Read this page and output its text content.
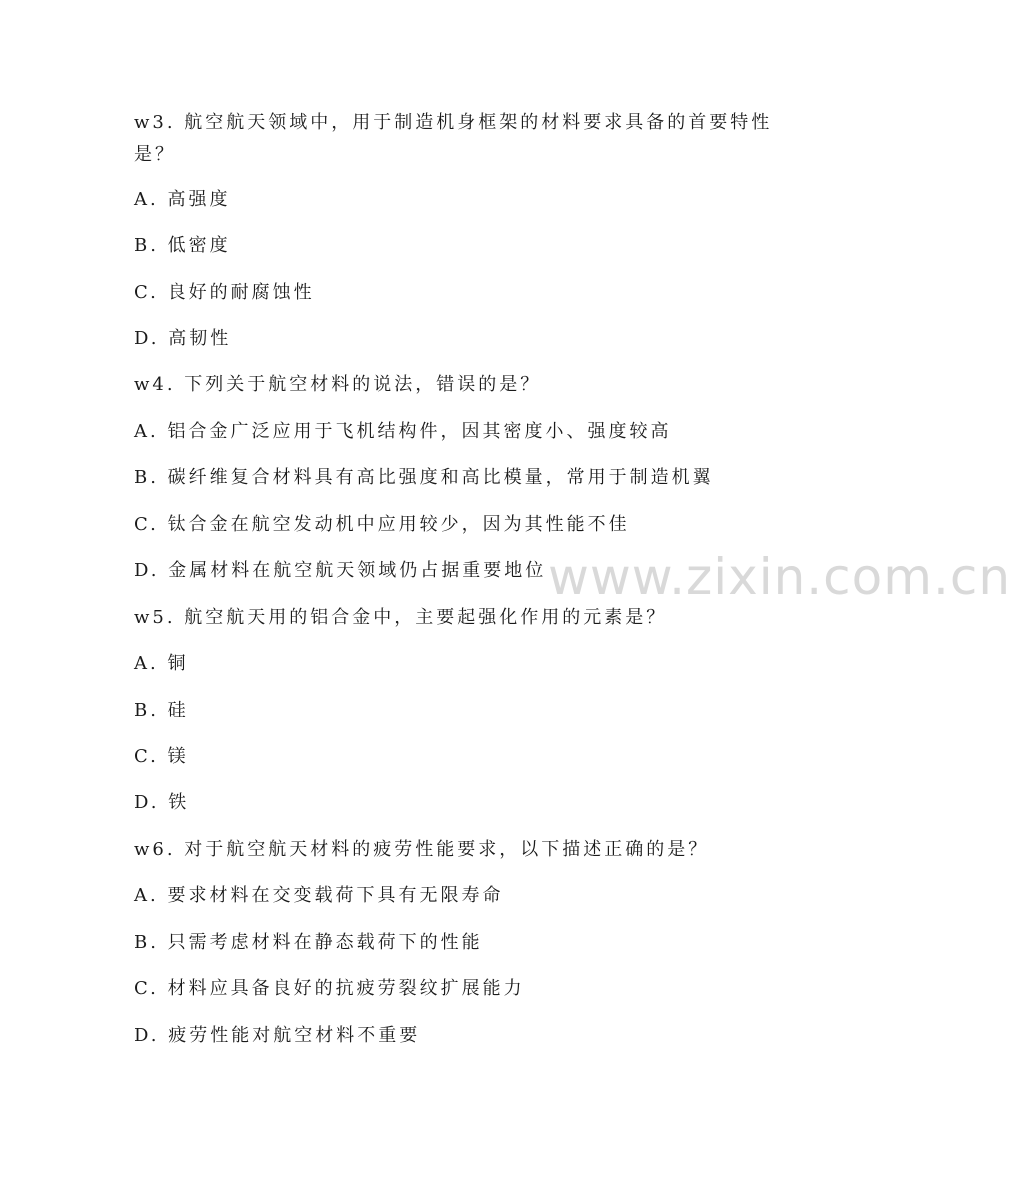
www.zixin.com.cn
w3. 航空航天领域中，用于制造机身框架的材料要求具备的首要特性
是？
A. 高强度
B. 低密度
C. 良好的耐腐蚀性
D. 高韧性
w4. 下列关于航空材料的说法，错误的是？
A. 铝合金广泛应用于飞机结构件，因其密度小、强度较高
B. 碳纤维复合材料具有高比强度和高比模量，常用于制造机翼
C. 钛合金在航空发动机中应用较少，因为其性能不佳
D. 金属材料在航空航天领域仍占据重要地位
w5. 航空航天用的铝合金中，主要起强化作用的元素是？
A. 铜
B. 硅
C. 镁
D. 铁
w6. 对于航空航天材料的疲劳性能要求，以下描述正确的是？
A. 要求材料在交变载荷下具有无限寿命
B. 只需考虑材料在静态载荷下的性能
C. 材料应具备良好的抗疲劳裂纹扩展能力
D. 疲劳性能对航空材料不重要
